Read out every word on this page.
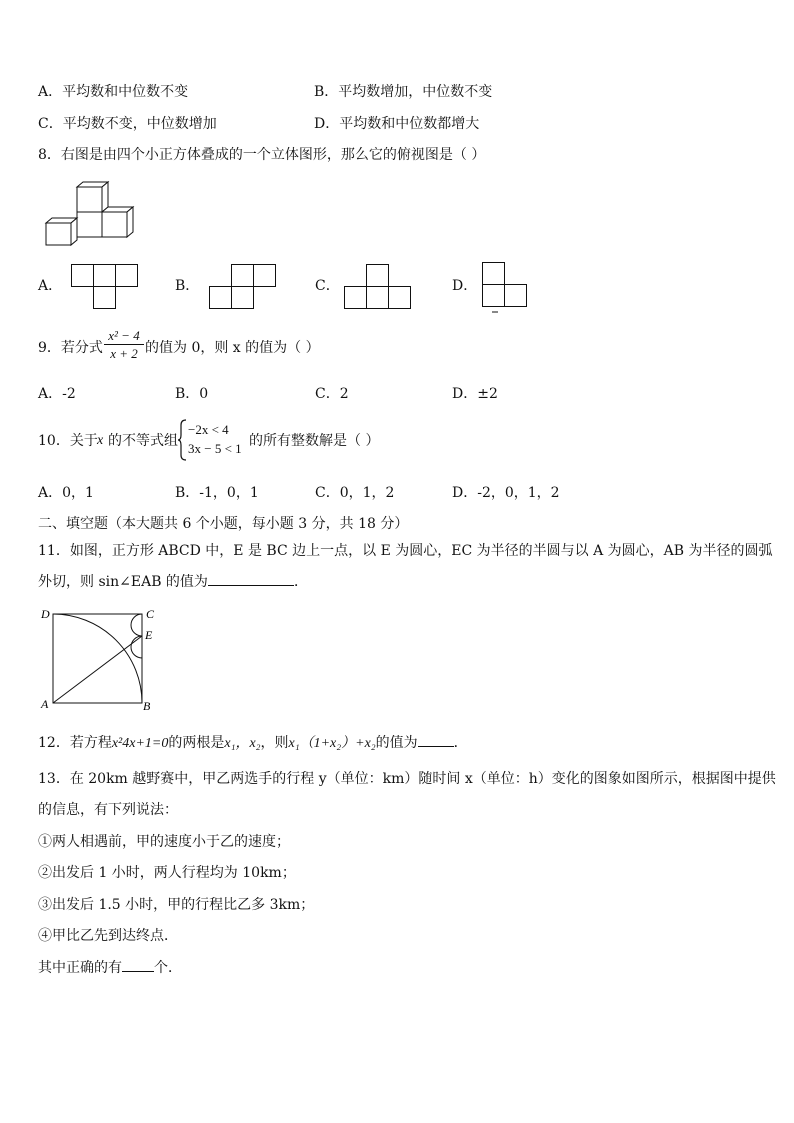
A．平均数和中位数不变	B．平均数增加，中位数不变
C．平均数不变，中位数增加	D．平均数和中位数都增大
8．右图是由四个小正方体叠成的一个立体图形，那么它的俯视图是（ ）
A．	B．	C．	D．
9．若分式 $\frac{\text{x² − 4}}{x + 2}$ 的值为 0，则 x 的值为（ ）
A．-2	B．0	C．2	D．±2
10．关于 x 的不等式组
−2x < 4
3x − 5 < 1 的所有整数解是（ ）
A．0，1	B．-1，0，1	C．0，1，2	D．-2，0，1，2
二、填空题（本大题共 6 个小题，每小题 3 分，共 18 分）
11．如图，正方形 ABCD 中，E 是 BC 边上一点，以 E 为圆心，EC 为半径的半圆与以 A 为圆心，AB 为半径的圆弧
外切，则 sin∠EAB 的值为	．
D	C
E
A	B
12．若方程x²4x+1=0的两根是x₁，x₂，则x₁（1+x₂）+x₂的值为	．
13．在 20km 越野赛中，甲乙两选手的行程 y（单位：km）随时间 x（单位：h）变化的图象如图所示，根据图中提供
的信息，有下列说法：
①两人相遇前，甲的速度小于乙的速度；
②出发后 1 小时，两人行程均为 10km；
③出发后 1.5 小时，甲的行程比乙多 3km；
④甲比乙先到达终点．
其中正确的有 个．
